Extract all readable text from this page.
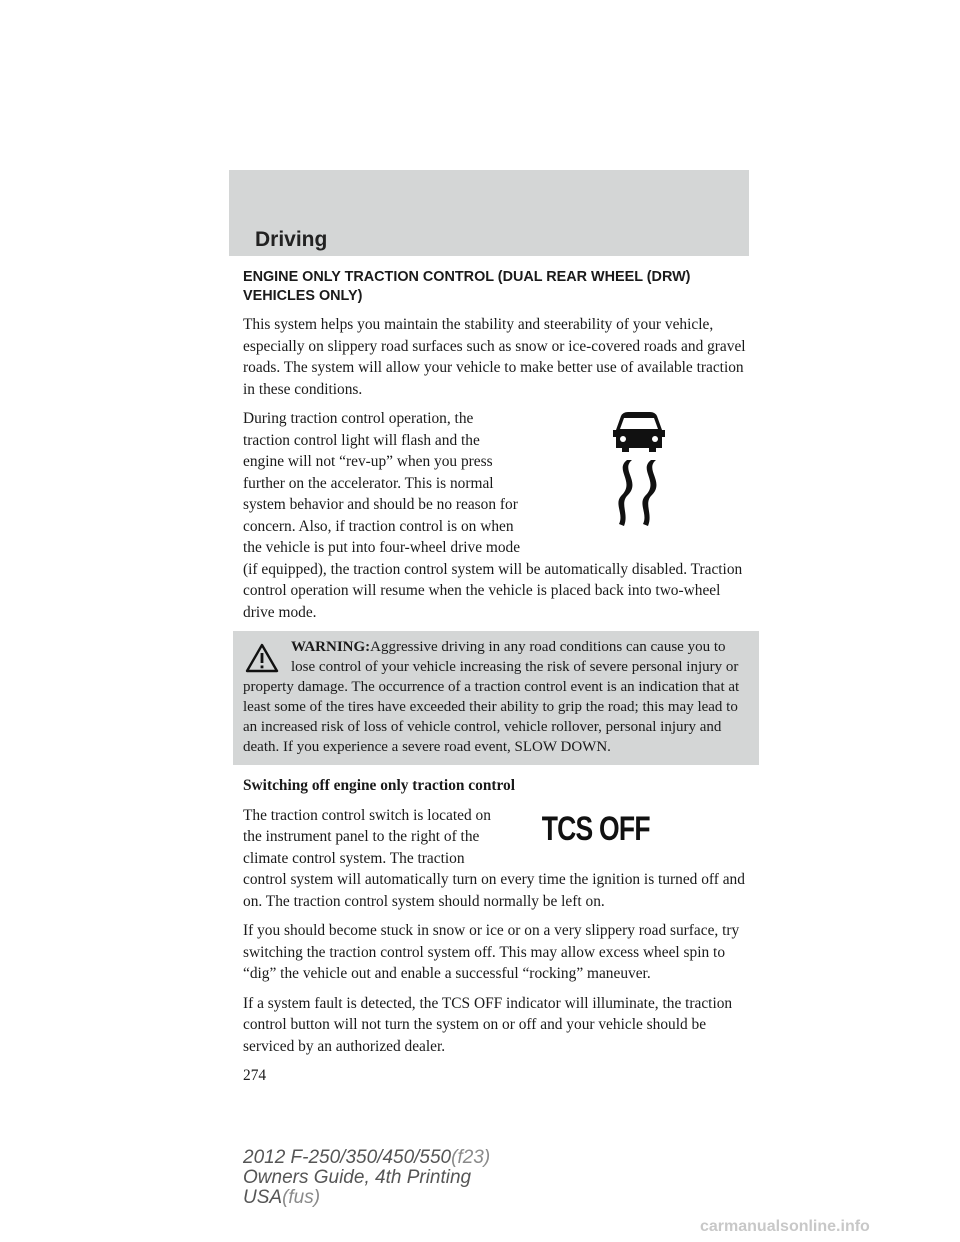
Driving
ENGINE ONLY TRACTION CONTROL (DUAL REAR WHEEL (DRW) VEHICLES ONLY)

This system helps you maintain the stability and steerability of your vehicle, especially on slippery road surfaces such as snow or ice-covered roads and gravel roads. The system will allow your vehicle to make better use of available traction in these conditions.

During traction control operation, the traction control light will flash and the engine will not “rev-up” when you press further on the accelerator. This is normal system behavior and should be no reason for concern. Also, if traction control is on when the vehicle is put into four-wheel drive mode (if equipped), the traction control system will be automatically disabled. Traction control operation will resume when the vehicle is placed back into two-wheel drive mode.
WARNING:Aggressive driving in any road conditions can cause you to lose control of your vehicle increasing the risk of severe personal injury or property damage. The occurrence of a traction control event is an indication that at least some of the tires have exceeded their ability to grip the road; this may lead to an increased risk of loss of vehicle control, vehicle rollover, personal injury and death. If you experience a severe road event, SLOW DOWN.
Switching off engine only traction control
TCS OFF
The traction control switch is located on the instrument panel to the right of the climate control system. The traction control system will automatically turn on every time the ignition is turned off and on. The traction control system should normally be left on.

If you should become stuck in snow or ice or on a very slippery road surface, try switching the traction control system off. This may allow excess wheel spin to “dig” the vehicle out and enable a successful “rocking” maneuver.

If a system fault is detected, the TCS OFF indicator will illuminate, the traction control button will not turn the system on or off and your vehicle should be serviced by an authorized dealer.

274
2012 F-250/350/450/550(f23)
Owners Guide, 4th Printing
USA(fus)
carmanualsonline.info
